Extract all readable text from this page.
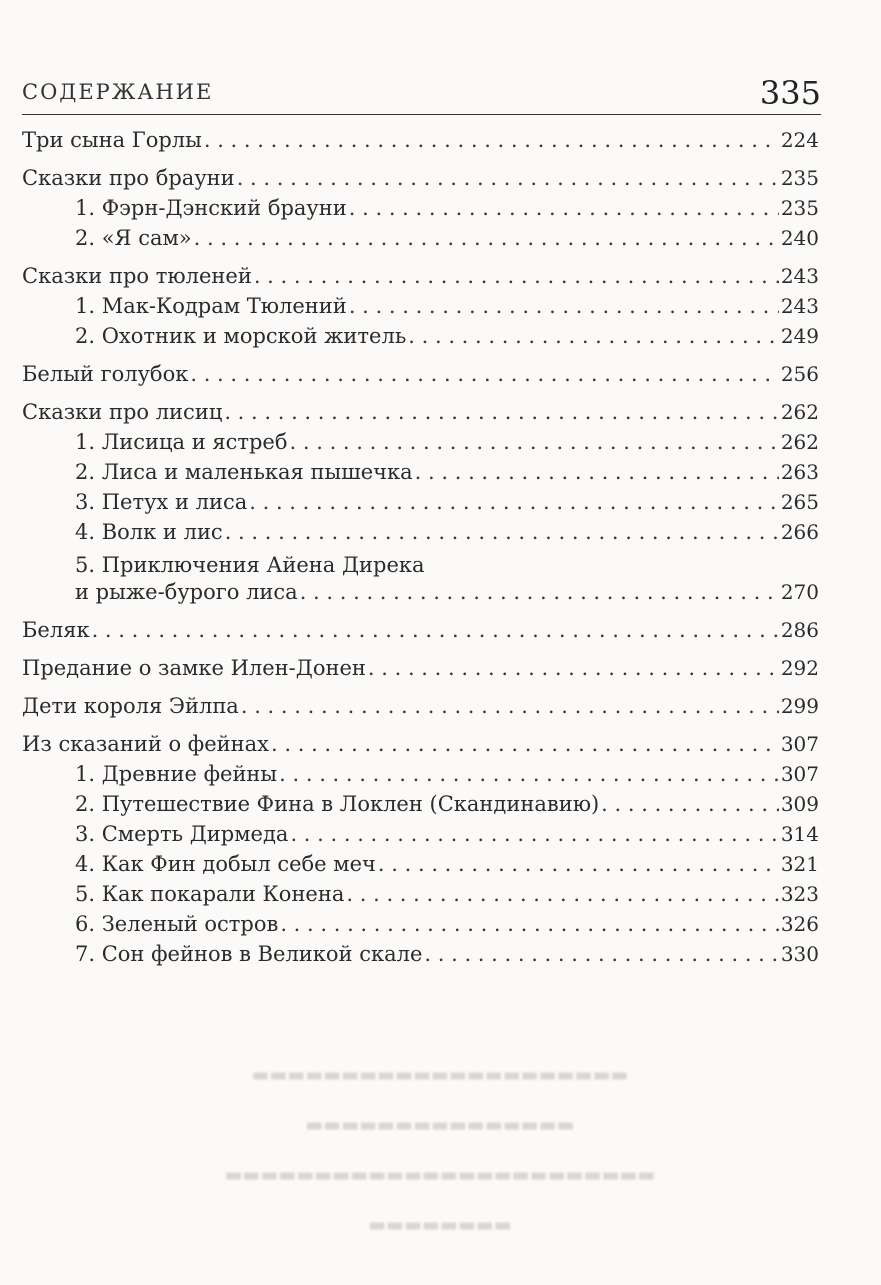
СОДЕРЖАНИЕ	335
Три сына Горлы . . .	224
Сказки про брауни . . .	235
1. Фэрн-Дэнский брауни . . .	235
2. «Я сам» . . .	240
Сказки про тюленей . . .	243
1. Мак-Кодрам Тюлений . . .	243
2. Охотник и морской житель . . .	249
Белый голубок . . .	256
Сказки про лисиц . . .	262
1. Лисица и ястреб . . .	262
2. Лиса и маленькая пышечка . . .	263
3. Петух и лиса . . .	265
4. Волк и лис . . .	266
5. Приключения Айена Дирека
и рыже-бурого лиса . . .	270
Беляк . . .	286
Предание о замке Илен-Донен . . .	292
Дети короля Эйлпа . . .	299
Из сказаний о фейнах . . .	307
1. Древние фейны . . .	307
2. Путешествие Фина в Локлен (Скандинавию) . . .	309
3. Смерть Дирмеда . . .	314
4. Как Фин добыл себе меч . . .	321
5. Как покарали Конена . . .	323
6. Зеленый остров . . .	326
7. Сон фейнов в Великой скале . . .	330
▬▬▬▬▬▬▬▬▬▬▬▬▬▬▬▬▬▬▬▬▬
▬▬▬▬▬▬▬▬▬▬▬▬▬▬▬
▬▬▬▬▬▬▬▬▬▬▬▬▬▬▬▬▬▬▬▬▬▬▬▬
▬▬▬▬▬▬▬▬
